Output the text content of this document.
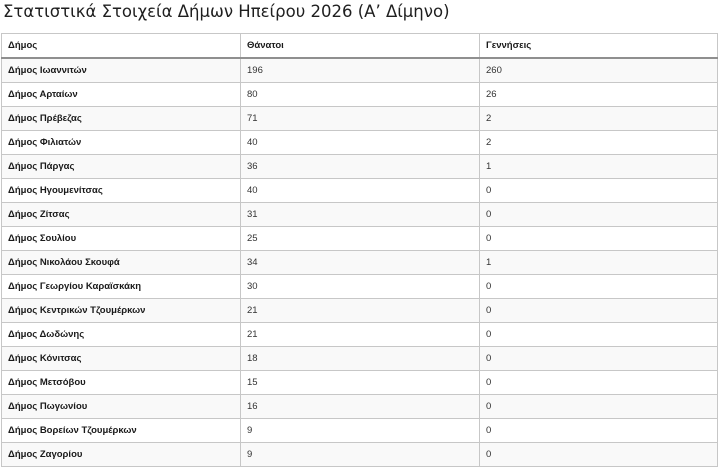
Στατιστικά Στοιχεία Δήμων Ηπείρου 2026 (Α’ Δίμηνο)
Δήμος	Θάνατοι	Γεννήσεις
Δήμος Ιωαννιτών	196	260
Δήμος Αρταίων	80	26
Δήμος Πρέβεζας	71	2
Δήμος Φιλιατών	40	2
Δήμος Πάργας	36	1
Δήμος Ηγουμενίτσας	40	0
Δήμος Ζίτσας	31	0
Δήμος Σουλίου	25	0
Δήμος Νικολάου Σκουφά	34	1
Δήμος Γεωργίου Καραϊσκάκη	30	0
Δήμος Κεντρικών Τζουμέρκων	21	0
Δήμος Δωδώνης	21	0
Δήμος Κόνιτσας	18	0
Δήμος Μετσόβου	15	0
Δήμος Πωγωνίου	16	0
Δήμος Βορείων Τζουμέρκων	9	0
Δήμος Ζαγορίου	9	0
